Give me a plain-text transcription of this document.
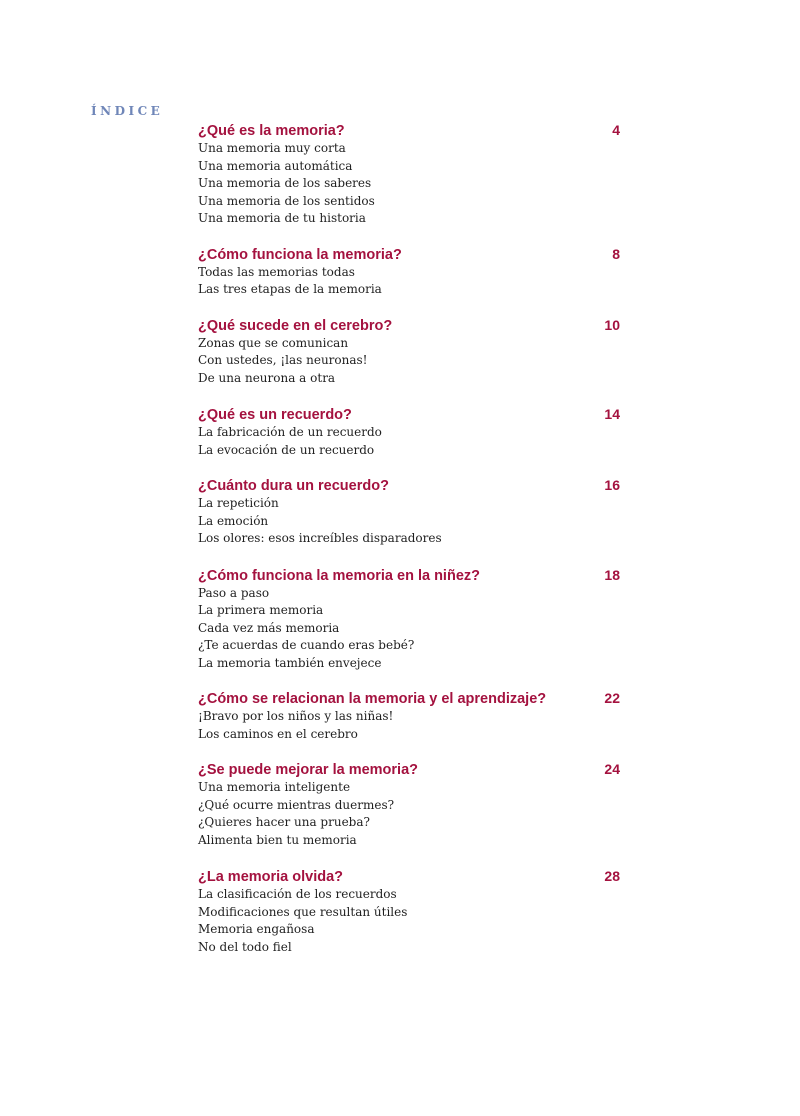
ÍNDICE
¿Qué es la memoria?	4
Una memoria muy corta
Una memoria automática
Una memoria de los saberes
Una memoria de los sentidos
Una memoria de tu historia
¿Cómo funciona la memoria?	8
Todas las memorias todas
Las tres etapas de la memoria
¿Qué sucede en el cerebro?	10
Zonas que se comunican
Con ustedes, ¡las neuronas!
De una neurona a otra
¿Qué es un recuerdo?	14
La fabricación de un recuerdo
La evocación de un recuerdo
¿Cuánto dura un recuerdo?	16
La repetición
La emoción
Los olores: esos increíbles disparadores
¿Cómo funciona la memoria en la niñez?	18
Paso a paso
La primera memoria
Cada vez más memoria
¿Te acuerdas de cuando eras bebé?
La memoria también envejece
¿Cómo se relacionan la memoria y el aprendizaje?	22
¡Bravo por los niños y las niñas!
Los caminos en el cerebro
¿Se puede mejorar la memoria?	24
Una memoria inteligente
¿Qué ocurre mientras duermes?
¿Quieres hacer una prueba?
Alimenta bien tu memoria
¿La memoria olvida?	28
La clasificación de los recuerdos
Modificaciones que resultan útiles
Memoria engañosa
No del todo fiel
